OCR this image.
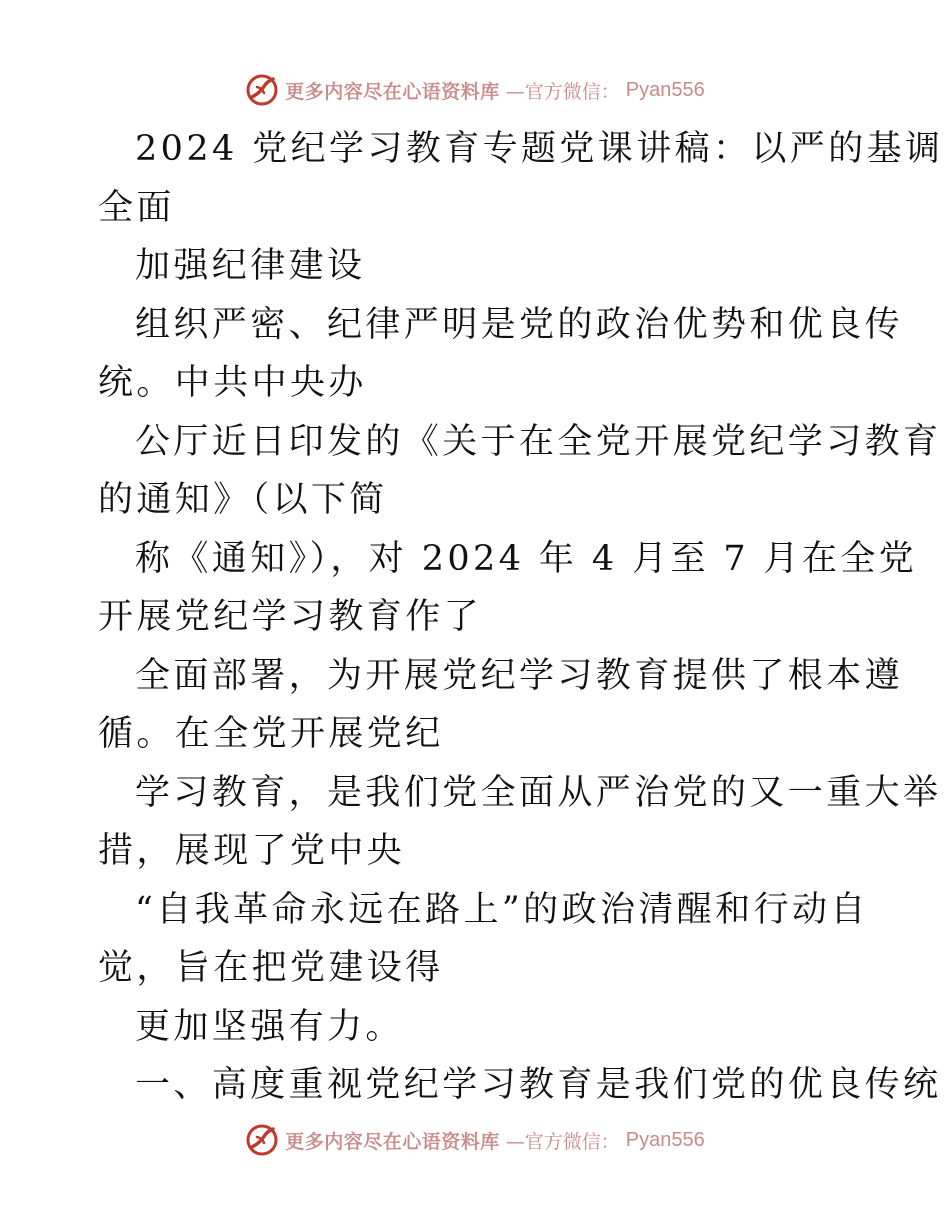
更多内容尽在心语资料库 —官方微信： Pyan556
2024 党纪学习教育专题党课讲稿：以严的基调
全面
加强纪律建设
组织严密、纪律严明是党的政治优势和优良传
统。中共中央办
公厅近日印发的《关于在全党开展党纪学习教育
的通知》（以下简
称《通知》），对 2024 年 4 月至 7 月在全党
开展党纪学习教育作了
全面部署，为开展党纪学习教育提供了根本遵
循。在全党开展党纪
学习教育，是我们党全面从严治党的又一重大举
措，展现了党中央
“自我革命永远在路上”的政治清醒和行动自
觉，旨在把党建设得
更加坚强有力。
一、高度重视党纪学习教育是我们党的优良传统
更多内容尽在心语资料库 —官方微信： Pyan556
